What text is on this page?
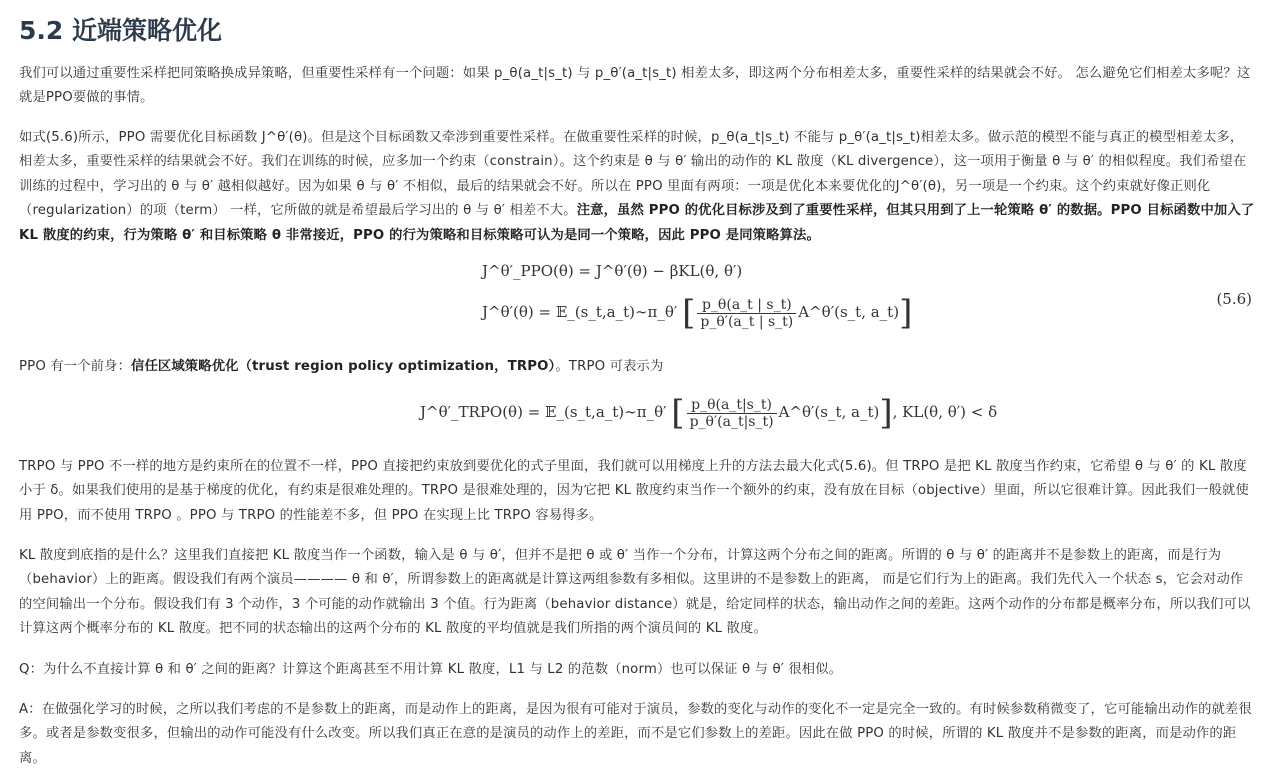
5.2 近端策略优化

我们可以通过重要性采样把同策略换成异策略，但重要性采样有一个问题：如果 p_θ(a_t|s_t) 与 p_θ′(a_t|s_t) 相差太多，即这两个分布相差太多，重要性采样的结果就会不好。 怎么避免它们相差太多呢？这就是PPO要做的事情。

如式(5.6)所示，PPO 需要优化目标函数 J^θ′(θ)。但是这个目标函数又牵涉到重要性采样。在做重要性采样的时候，p_θ(a_t|s_t) 不能与 p_θ′(a_t|s_t)相差太多。做示范的模型不能与真正的模型相差太多，相差太多，重要性采样的结果就会不好。我们在训练的时候，应多加一个约束（constrain）。这个约束是 θ 与 θ′ 输出的动作的 KL 散度（KL divergence），这一项用于衡量 θ 与 θ′ 的相似程度。我们希望在训练的过程中，学习出的 θ 与 θ′ 越相似越好。因为如果 θ 与 θ′ 不相似，最后的结果就会不好。所以在 PPO 里面有两项：一项是优化本来要优化的J^θ′(θ)，另一项是一个约束。这个约束就好像正则化（regularization）的项（term） 一样，它所做的就是希望最后学习出的 θ 与 θ′ 相差不大。注意，虽然 PPO 的优化目标涉及到了重要性采样，但其只用到了上一轮策略 θ′ 的数据。PPO 目标函数中加入了 KL 散度的约束，行为策略 θ′ 和目标策略 θ 非常接近，PPO 的行为策略和目标策略可认为是同一个策略，因此 PPO 是同策略算法。

J^θ′_PPO(θ) = J^θ′(θ) − βKL(θ, θ′)
J^θ′(θ) = 𝔼_(s_t,a_t)∼π_θ′ [ $\frac{p\_\theta(a\_t | s\_t)}{p\_\theta'(a\_t | s\_t)}$ A^θ′(s_t, a_t)]	(5.6)

PPO 有一个前身：信任区域策略优化（trust region policy optimization，TRPO）。TRPO 可表示为

J^θ′_TRPO(θ) = 𝔼_(s_t,a_t)∼π_θ′ [ $\frac{p\_\theta(a\_t|s\_t)}{p\_\theta'(a\_t|s\_t)}$ A^θ′(s_t, a_t)], KL(θ, θ′) < δ

TRPO 与 PPO 不一样的地方是约束所在的位置不一样，PPO 直接把约束放到要优化的式子里面，我们就可以用梯度上升的方法去最大化式(5.6)。但 TRPO 是把 KL 散度当作约束，它希望 θ 与 θ′ 的 KL 散度小于 δ。如果我们使用的是基于梯度的优化，有约束是很难处理的。TRPO 是很难处理的，因为它把 KL 散度约束当作一个额外的约束，没有放在目标（objective）里面，所以它很难计算。因此我们一般就使用 PPO，而不使用 TRPO 。PPO 与 TRPO 的性能差不多，但 PPO 在实现上比 TRPO 容易得多。

KL 散度到底指的是什么？这里我们直接把 KL 散度当作一个函数，输入是 θ 与 θ′，但并不是把 θ 或 θ′ 当作一个分布，计算这两个分布之间的距离。所谓的 θ 与 θ′ 的距离并不是参数上的距离，而是行为（behavior）上的距离。假设我们有两个演员———— θ 和 θ′，所谓参数上的距离就是计算这两组参数有多相似。这里讲的不是参数上的距离， 而是它们行为上的距离。我们先代入一个状态 s，它会对动作的空间输出一个分布。假设我们有 3 个动作，3 个可能的动作就输出 3 个值。行为距离（behavior distance）就是，给定同样的状态，输出动作之间的差距。这两个动作的分布都是概率分布，所以我们可以计算这两个概率分布的 KL 散度。把不同的状态输出的这两个分布的 KL 散度的平均值就是我们所指的两个演员间的 KL 散度。

Q：为什么不直接计算 θ 和 θ′ 之间的距离？计算这个距离甚至不用计算 KL 散度，L1 与 L2 的范数（norm）也可以保证 θ 与 θ′ 很相似。

A：在做强化学习的时候，之所以我们考虑的不是参数上的距离，而是动作上的距离，是因为很有可能对于演员，参数的变化与动作的变化不一定是完全一致的。有时候参数稍微变了，它可能输出动作的就差很多。或者是参数变很多，但输出的动作可能没有什么改变。所以我们真正在意的是演员的动作上的差距，而不是它们参数上的差距。因此在做 PPO 的时候，所谓的 KL 散度并不是参数的距离，而是动作的距离。
